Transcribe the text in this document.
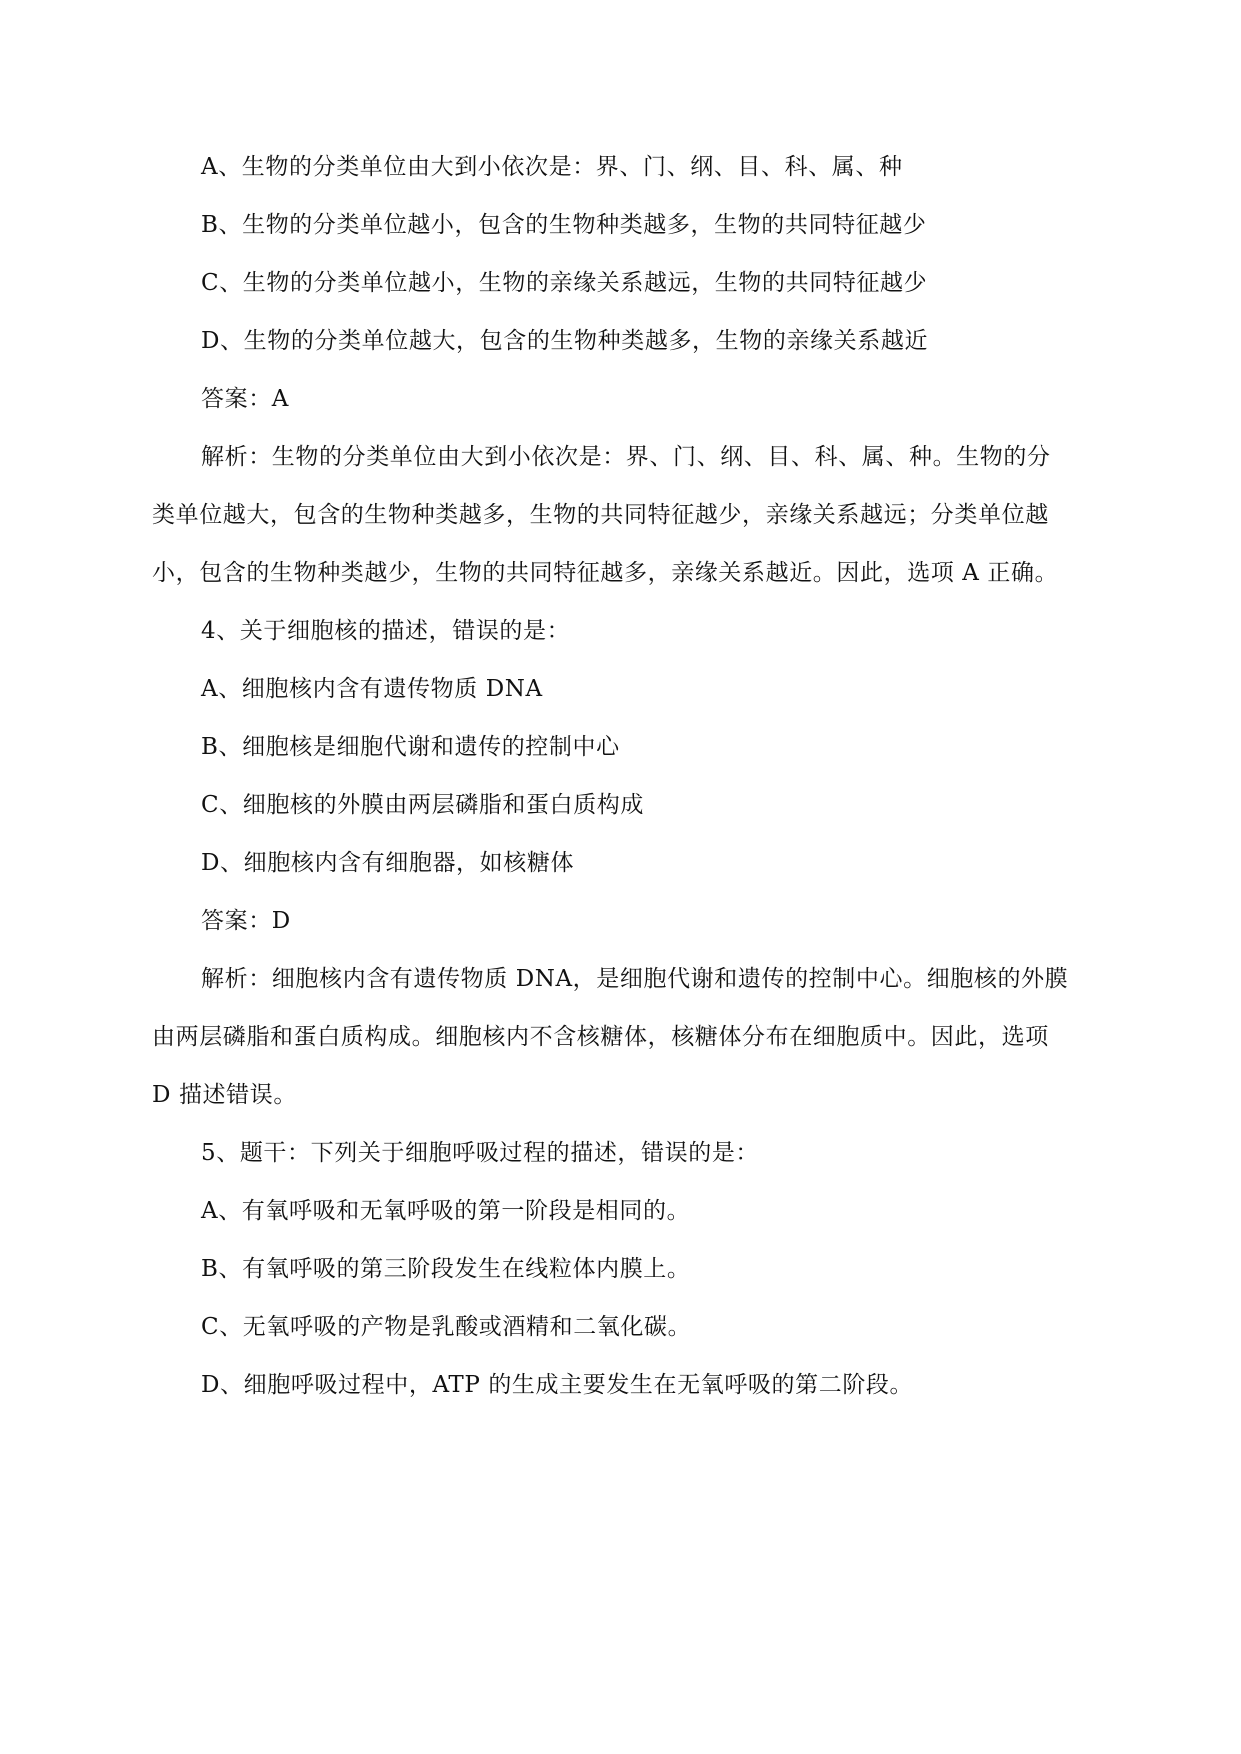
A、生物的分类单位由大到小依次是：界、门、纲、目、科、属、种
B、生物的分类单位越小，包含的生物种类越多，生物的共同特征越少
C、生物的分类单位越小，生物的亲缘关系越远，生物的共同特征越少
D、生物的分类单位越大，包含的生物种类越多，生物的亲缘关系越近
答案：A
解析：生物的分类单位由大到小依次是：界、门、纲、目、科、属、种。生物的分
类单位越大，包含的生物种类越多，生物的共同特征越少，亲缘关系越远；分类单位越
小，包含的生物种类越少，生物的共同特征越多，亲缘关系越近。因此，选项 A 正确。
4、关于细胞核的描述，错误的是：
A、细胞核内含有遗传物质 DNA
B、细胞核是细胞代谢和遗传的控制中心
C、细胞核的外膜由两层磷脂和蛋白质构成
D、细胞核内含有细胞器，如核糖体
答案：D
解析：细胞核内含有遗传物质 DNA，是细胞代谢和遗传的控制中心。细胞核的外膜
由两层磷脂和蛋白质构成。细胞核内不含核糖体，核糖体分布在细胞质中。因此，选项
D 描述错误。
5、题干：下列关于细胞呼吸过程的描述，错误的是：
A、有氧呼吸和无氧呼吸的第一阶段是相同的。
B、有氧呼吸的第三阶段发生在线粒体内膜上。
C、无氧呼吸的产物是乳酸或酒精和二氧化碳。
D、细胞呼吸过程中，ATP 的生成主要发生在无氧呼吸的第二阶段。
